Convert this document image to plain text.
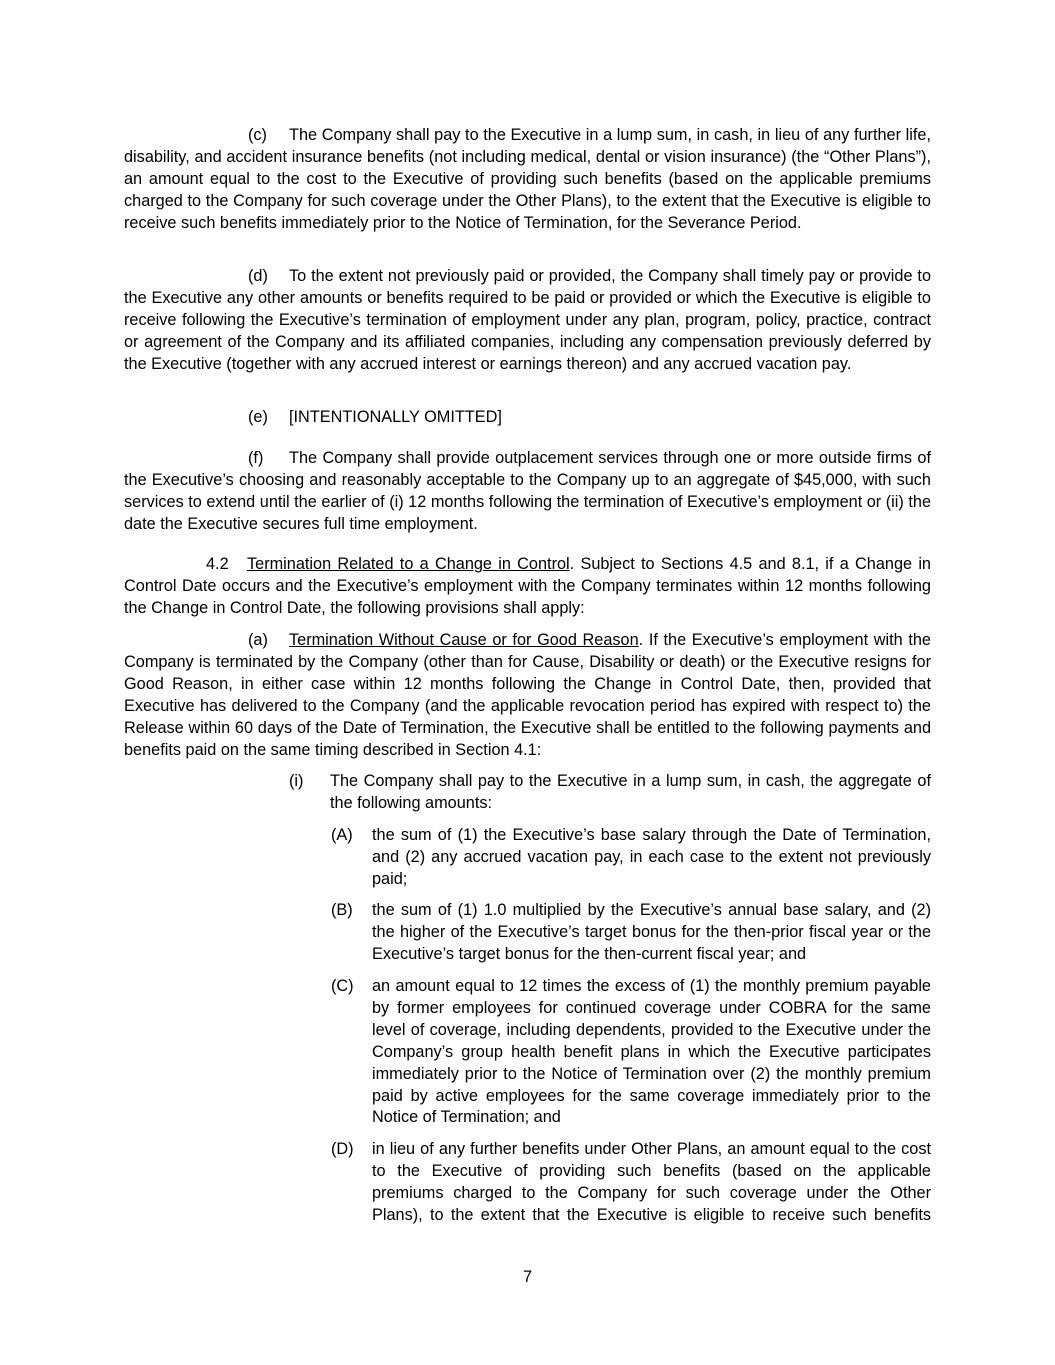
(c) The Company shall pay to the Executive in a lump sum, in cash, in lieu of any further life, disability, and accident insurance benefits (not including medical, dental or vision insurance) (the “Other Plans”), an amount equal to the cost to the Executive of providing such benefits (based on the applicable premiums charged to the Company for such coverage under the Other Plans), to the extent that the Executive is eligible to receive such benefits immediately prior to the Notice of Termination, for the Severance Period.

(d) To the extent not previously paid or provided, the Company shall timely pay or provide to the Executive any other amounts or benefits required to be paid or provided or which the Executive is eligible to receive following the Executive’s termination of employment under any plan, program, policy, practice, contract or agreement of the Company and its affiliated companies, including any compensation previously deferred by the Executive (together with any accrued interest or earnings thereon) and any accrued vacation pay.

(e) [INTENTIONALLY OMITTED]

(f) The Company shall provide outplacement services through one or more outside firms of the Executive’s choosing and reasonably acceptable to the Company up to an aggregate of $45,000, with such services to extend until the earlier of (i) 12 months following the termination of Executive’s employment or (ii) the date the Executive secures full time employment.

4.2 Termination Related to a Change in Control. Subject to Sections 4.5 and 8.1, if a Change in Control Date occurs and the Executive’s employment with the Company terminates within 12 months following the Change in Control Date, the following provisions shall apply:

(a) Termination Without Cause or for Good Reason. If the Executive’s employment with the Company is terminated by the Company (other than for Cause, Disability or death) or the Executive resigns for Good Reason, in either case within 12 months following the Change in Control Date, then, provided that Executive has delivered to the Company (and the applicable revocation period has expired with respect to) the Release within 60 days of the Date of Termination, the Executive shall be entitled to the following payments and benefits paid on the same timing described in Section 4.1:

(i) The Company shall pay to the Executive in a lump sum, in cash, the aggregate of the following amounts:
(A) the sum of (1) the Executive’s base salary through the Date of Termination, and (2) any accrued vacation pay, in each case to the extent not previously paid;
(B) the sum of (1) 1.0 multiplied by the Executive’s annual base salary, and (2) the higher of the Executive’s target bonus for the then-prior fiscal year or the Executive’s target bonus for the then-current fiscal year; and
(C) an amount equal to 12 times the excess of (1) the monthly premium payable by former employees for continued coverage under COBRA for the same level of coverage, including dependents, provided to the Executive under the Company’s group health benefit plans in which the Executive participates immediately prior to the Notice of Termination over (2) the monthly premium paid by active employees for the same coverage immediately prior to the Notice of Termination; and
(D) in lieu of any further benefits under Other Plans, an amount equal to the cost to the Executive of providing such benefits (based on the applicable premiums charged to the Company for such coverage under the Other Plans), to the extent that the Executive is eligible to receive such benefits
7
